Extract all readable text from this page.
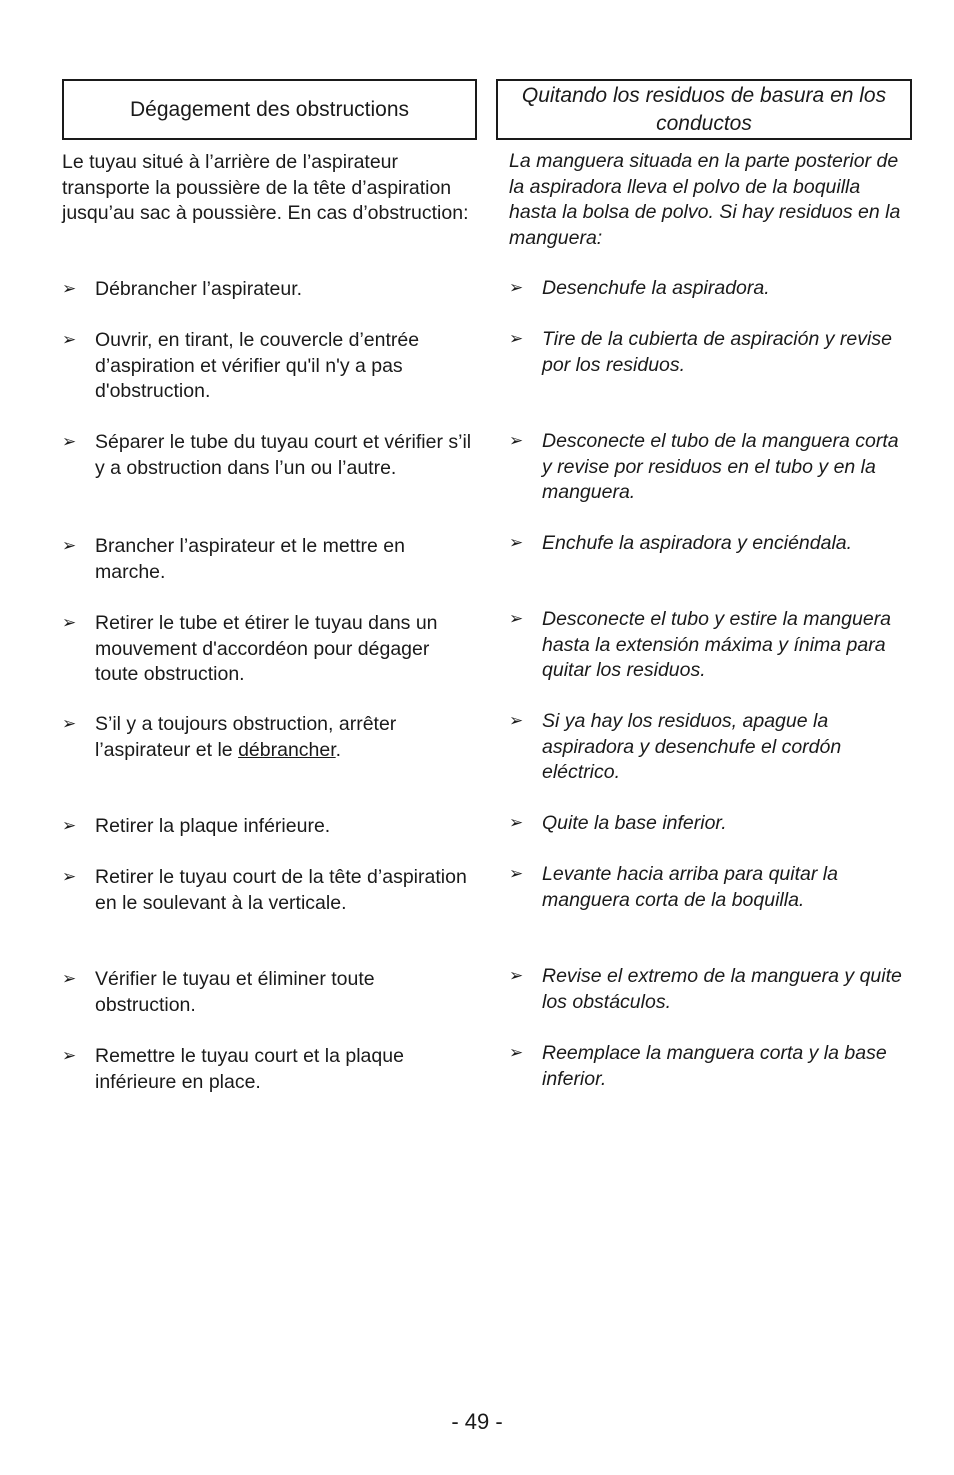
Dégagement des obstructions

Le tuyau situé à l’arrière de l’aspirateur transporte la poussière de la tête d’aspiration jusqu’au sac à poussière. En cas d’obstruction:

➢ Débrancher l’aspirateur.
➢ Ouvrir, en tirant, le couvercle d’entrée d’aspiration et vérifier qu'il n'y a pas d'obstruction.
➢ Séparer le tube du tuyau court et vérifier s’il y a obstruction dans l’un ou l’autre.
➢ Brancher l’aspirateur et le mettre en marche.
➢ Retirer le tube et étirer le tuyau dans un mouvement d'accordéon pour dégager toute obstruction.
➢ S’il y a toujours obstruction, arrêter l’aspirateur et le débrancher.
➢ Retirer la plaque inférieure.
➢ Retirer le tuyau court de la tête d’aspiration en le soulevant à la verticale.
➢ Vérifier le tuyau et éliminer toute obstruction.
➢ Remettre le tuyau court et la plaque inférieure en place.
Quitando los residuos de basura en los conductos

La manguera situada en la parte posterior de la aspiradora lleva el polvo de la boquilla hasta la bolsa de polvo. Si hay residuos en la manguera:

➢ Desenchufe la aspiradora.
➢ Tire de la cubierta de aspiración y revise por los residuos.
➢ Desconecte el tubo de la manguera corta y revise por residuos en el tubo y en la manguera.
➢ Enchufe la aspiradora y enciéndala.
➢ Desconecte el tubo y estire la manguera hasta la extensión máxima y ínima para quitar los residuos.
➢ Si ya hay los residuos, apague la aspiradora y desenchufe el cordón eléctrico.
➢ Quite la base inferior.
➢ Levante hacia arriba para quitar la manguera corta de la boquilla.
➢ Revise el extremo de la manguera y quite los obstáculos.
➢ Reemplace la manguera corta y la base inferior.
- 49 -
